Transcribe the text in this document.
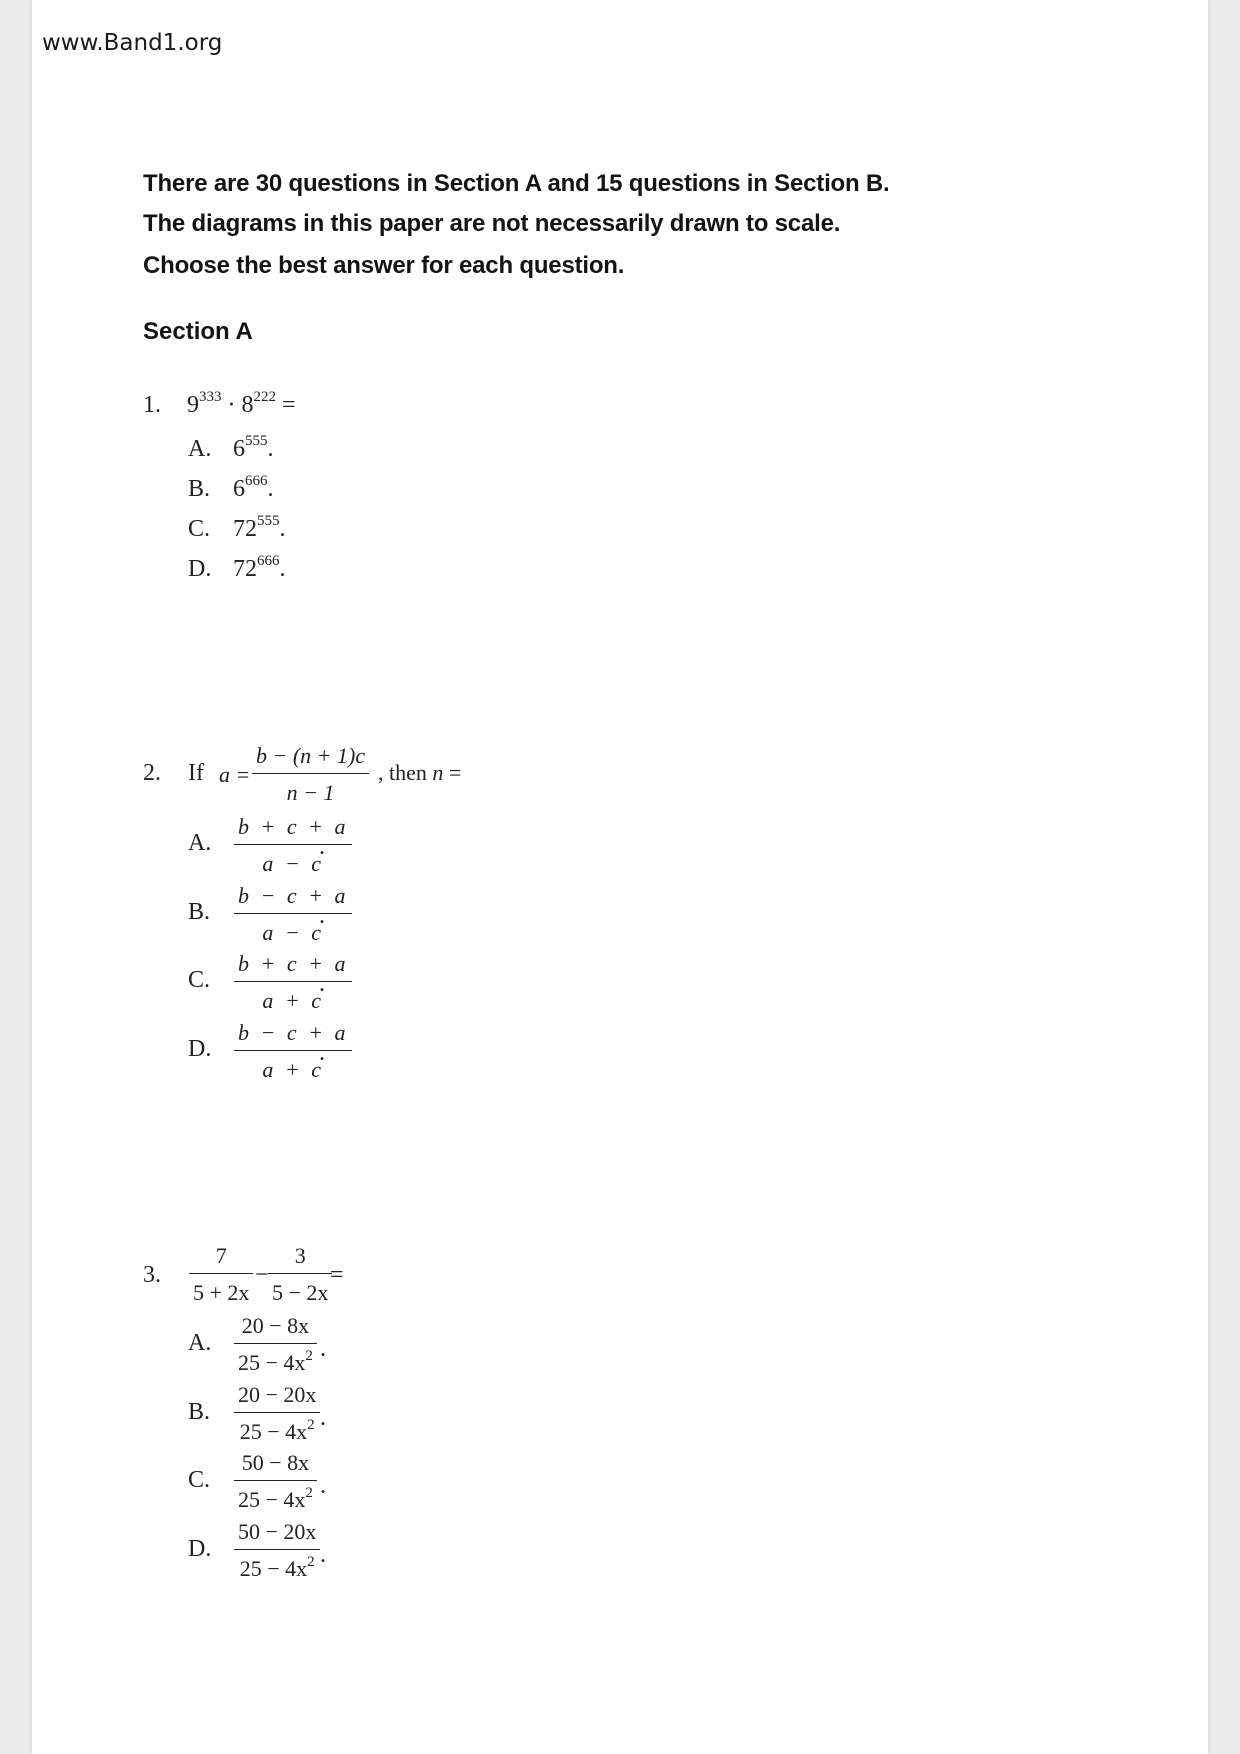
www.Band1.org
There are 30 questions in Section A and 15 questions in Section B.
The diagrams in this paper are not necessarily drawn to scale.
Choose the best answer for each question.
Section A
1. $9^{333} \cdot 8^{222}$ =
A. $6^{555}$.
B. $6^{666}$.
C. $72^{555}$.
D. $72^{666}$.
2. If a =
b − (n + 1)c
n − 1
, then n =
A.
b + c + a
a − c
.
B.
b − c + a
a − c
.
C.
b + c + a
a + c
.
D.
b − c + a
a + c
.
3.
7
5 + 2x
−
3
5 − 2x
=
A.
20 − 8x
$25 - 4x^2$ .
B.
20 − 20x
$25 - 4x^2$ .
C.
50 − 8x
$25 - 4x^2$ .
D.
50 − 20x
$25 - 4x^2$ .
